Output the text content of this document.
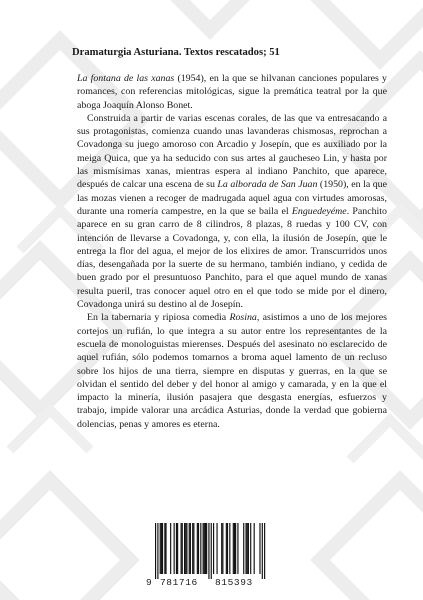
Dramaturgia Asturiana. Textos rescatados; 51

La fontana de las xanas (1954), en la que se hilvanan canciones populares y romances, con referencias mitológicas, sigue la premática teatral por la que aboga Joaquín Alonso Bonet.

Construida a partir de varias escenas corales, de las que va entresacando a sus protagonistas, comienza cuando unas lavanderas chismosas, reprochan a Covadonga su juego amoroso con Arcadio y Josepín, que es auxiliado por la meiga Quica, que ya ha seducido con sus artes al gaucheseo Lin, y hasta por las mismísimas xanas, mientras espera al indiano Panchito, que aparece, después de calcar una escena de su La alborada de San Juan (1950), en la que las mozas vienen a recoger de madrugada aquel agua con virtudes amorosas, durante una romería campestre, en la que se baila el Enguedeyéme. Panchito aparece en su gran carro de 8 cilindros, 8 plazas, 8 ruedas y 100 CV, con intención de llevarse a Covadonga, y, con ella, la ilusión de Josepín, que le entrega la flor del agua, el mejor de los elixires de amor. Transcurridos unos días, desengañada por la suerte de su hermano, también indiano, y cedida de buen grado por el presuntuoso Panchito, para el que aquel mundo de xanas resulta pueril, tras conocer aquel otro en el que todo se mide por el dinero, Covadonga unirá su destino al de Josepín.

En la tabernaria y ripiosa comedia Rosina, asistimos a uno de los mejores cortejos un rufián, lo que integra a su autor entre los representantes de la escuela de monologuistas mierenses. Después del asesinato no esclarecido de aquel rufián, sólo podemos tomarnos a broma aquel lamento de un recluso sobre los hijos de una tierra, siempre en disputas y guerras, en la que se olvidan el sentido del deber y del honor al amigo y camarada, y en la que el impacto la minería, ilusión pasajera que desgasta energías, esfuerzos y trabajo, impide valorar una arcádica Asturias, donde la verdad que gobierna dolencias, penas y amores es eterna.

9 781716 815393
